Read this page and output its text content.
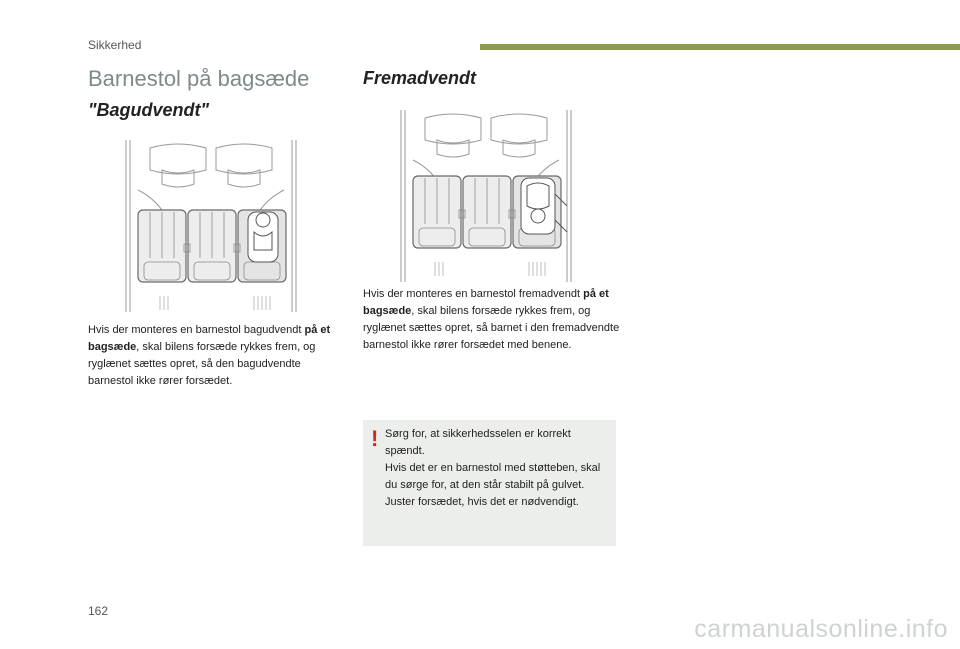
Sikkerhed
Barnestol på bagsæde
"Bagudvendt"

Hvis der monteres en barnestol bagudvendt på et bagsæde, skal bilens forsæde rykkes frem, og ryglænet sættes opret, så den bagudvendte barnestol ikke rører forsædet.

Fremadvendt

Hvis der monteres en barnestol fremadvendt på et bagsæde, skal bilens forsæde rykkes frem, og ryglænet sættes opret, så barnet i den fremadvendte barnestol ikke rører forsædet med benene.

! Sørg for, at sikkerhedsselen er korrekt spændt.
Hvis det er en barnestol med støtteben, skal du sørge for, at den står stabilt på gulvet. Juster forsædet, hvis det er nødvendigt.

162
carmanualsonline.info
